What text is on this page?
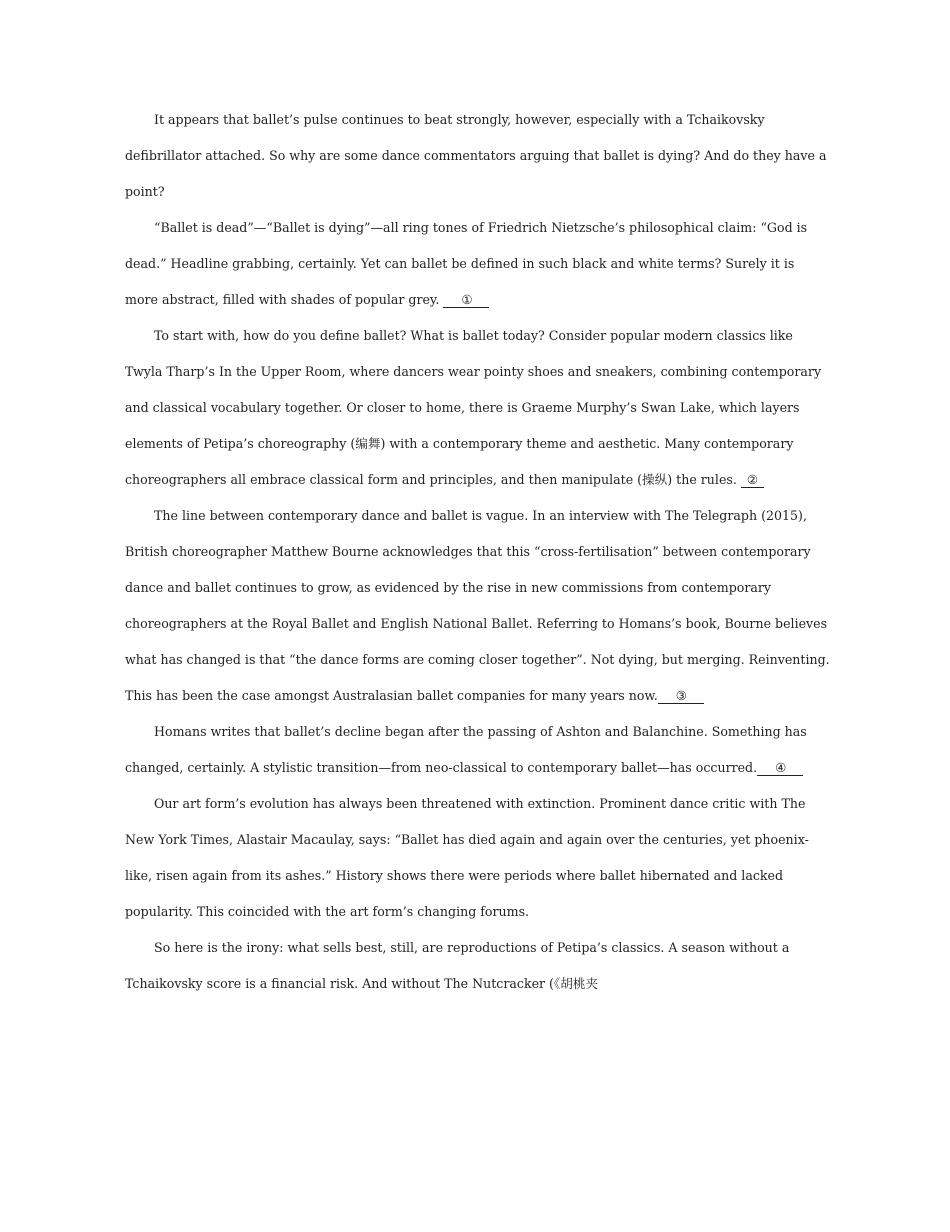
It appears that ballet’s pulse continues to beat strongly, however, especially with a Tchaikovsky defibrillator attached. So why are some dance commentators arguing that ballet is dying? And do they have a point?

“Ballet is dead”—“Ballet is dying”—all ring tones of Friedrich Nietzsche’s philosophical claim: “God is dead.” Headline grabbing, certainly. Yet can ballet be defined in such black and white terms? Surely it is more abstract, filled with shades of popular grey. ①

To start with, how do you define ballet? What is ballet today? Consider popular modern classics like Twyla Tharp’s In the Upper Room, where dancers wear pointy shoes and sneakers, combining contemporary and classical vocabulary together. Or closer to home, there is Graeme Murphy’s Swan Lake, which layers elements of Petipa’s choreography (编舞) with a contemporary theme and aesthetic. Many contemporary choreographers all embrace classical form and principles, and then manipulate (操纵) the rules. ②

The line between contemporary dance and ballet is vague. In an interview with The Telegraph (2015), British choreographer Matthew Bourne acknowledges that this “cross-fertilisation” between contemporary dance and ballet continues to grow, as evidenced by the rise in new commissions from contemporary choreographers at the Royal Ballet and English National Ballet. Referring to Homans’s book, Bourne believes what has changed is that “the dance forms are coming closer together”. Not dying, but merging. Reinventing. This has been the case amongst Australasian ballet companies for many years now. ③

Homans writes that ballet’s decline began after the passing of Ashton and Balanchine. Something has changed, certainly. A stylistic transition—from neo-classical to contemporary ballet—has occurred. ④

Our art form’s evolution has always been threatened with extinction. Prominent dance critic with The New York Times, Alastair Macaulay, says: “Ballet has died again and again over the centuries, yet phoenix-like, risen again from its ashes.” History shows there were periods where ballet hibernated and lacked popularity. This coincided with the art form’s changing forums.

So here is the irony: what sells best, still, are reproductions of Petipa’s classics. A season without a Tchaikovsky score is a financial risk. And without The Nutcracker (《胡桃夹
